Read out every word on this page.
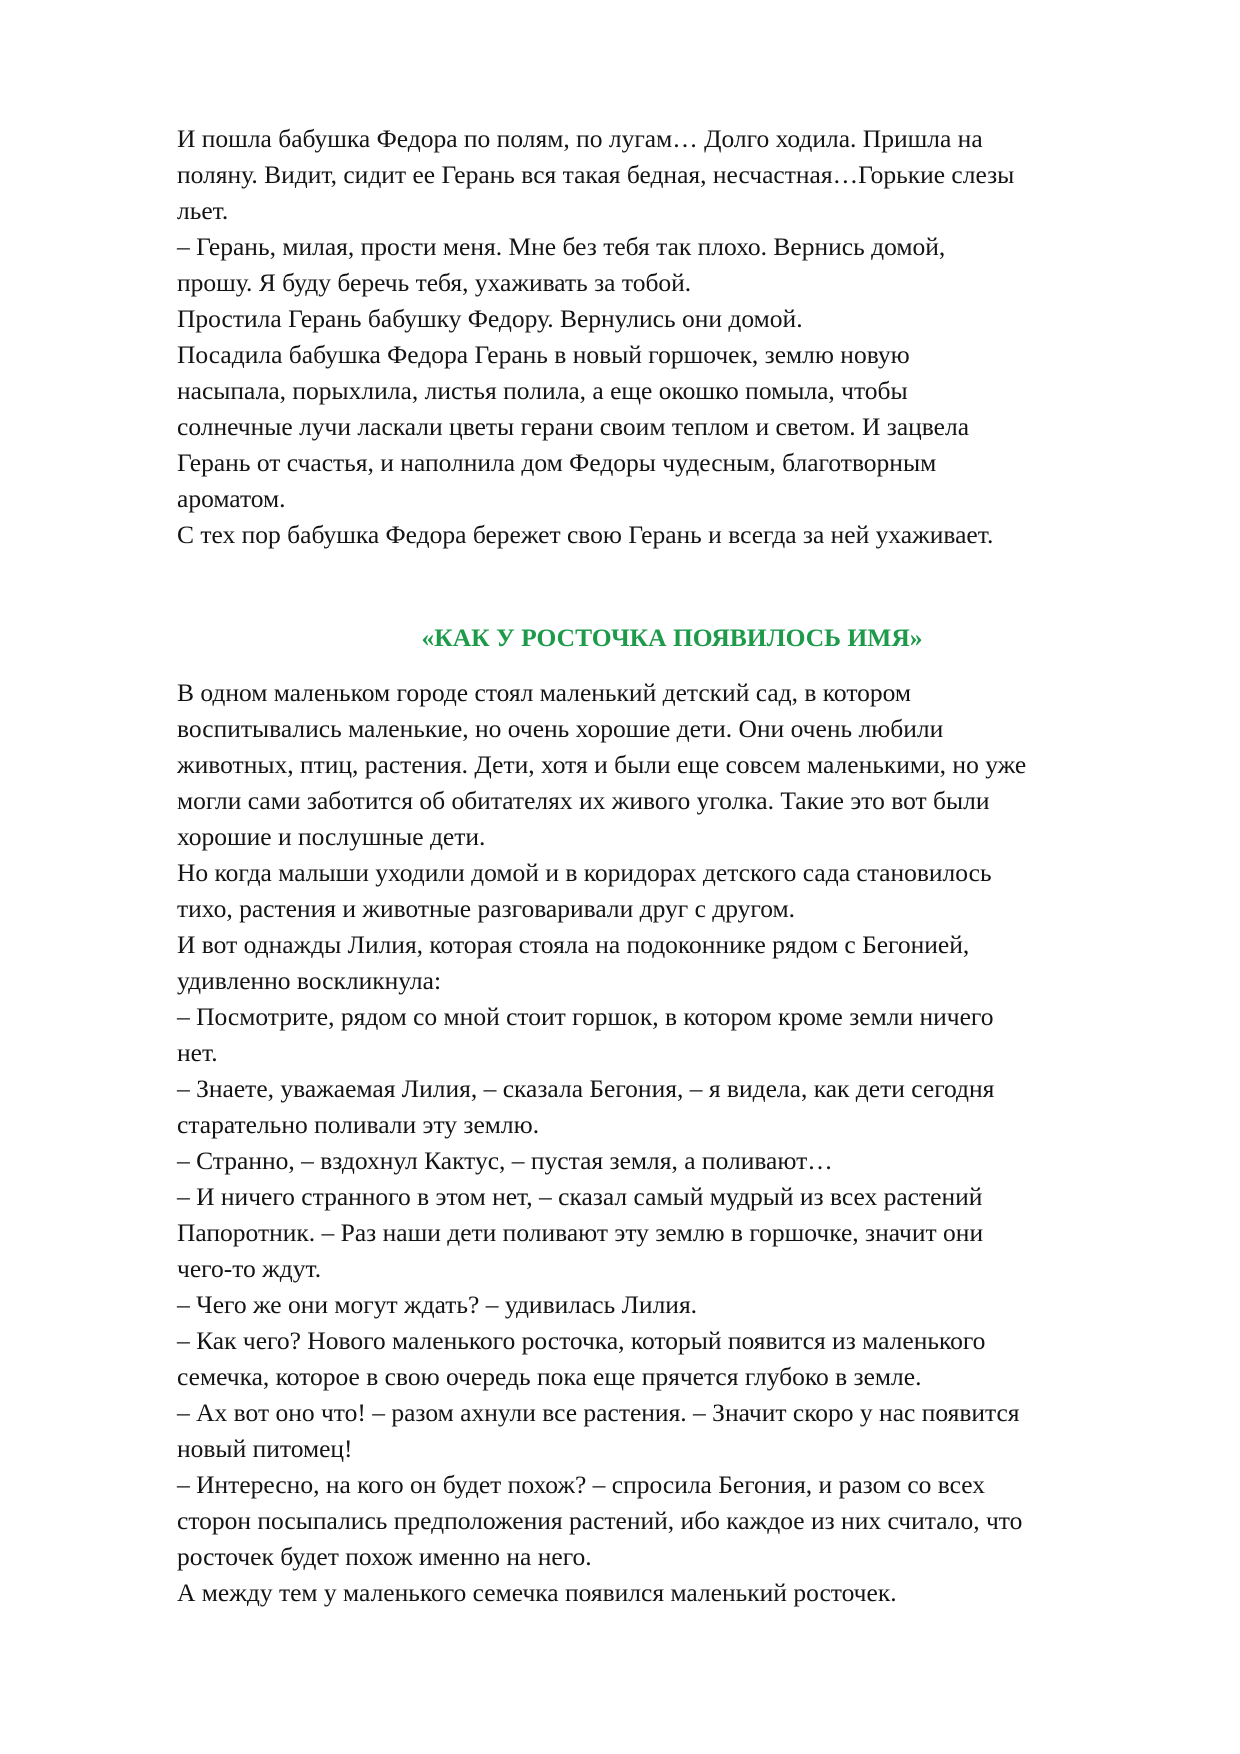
И пошла бабушка Федора по полям, по лугам… Долго ходила. Пришла на
поляну. Видит, сидит ее Герань вся такая бедная, несчастная…Горькие слезы
льет.

– Герань, милая, прости меня. Мне без тебя так плохо. Вернись домой,
прошу. Я буду беречь тебя, ухаживать за тобой.

Простила Герань бабушку Федору. Вернулись они домой.

Посадила бабушка Федора Герань в новый горшочек, землю новую
насыпала, порыхлила, листья полила, а еще окошко помыла, чтобы
солнечные лучи ласкали цветы герани своим теплом и светом. И зацвела
Герань от счастья, и наполнила дом Федоры чудесным, благотворным
ароматом.

С тех пор бабушка Федора бережет свою Герань и всегда за ней ухаживает.

«КАК У РОСТОЧКА ПОЯВИЛОСЬ ИМЯ»

В одном маленьком городе стоял маленький детский сад, в котором
воспитывались маленькие, но очень хорошие дети. Они очень любили
животных, птиц, растения. Дети, хотя и были еще совсем маленькими, но уже
могли сами заботится об обитателях их живого уголка. Такие это вот были
хорошие и послушные дети.

Но когда малыши уходили домой и в коридорах детского сада становилось
тихо, растения и животные разговаривали друг с другом.

И вот однажды Лилия, которая стояла на подоконнике рядом с Бегонией,
удивленно воскликнула:

– Посмотрите, рядом со мной стоит горшок, в котором кроме земли ничего
нет.

– Знаете, уважаемая Лилия, – сказала Бегония, – я видела, как дети сегодня
старательно поливали эту землю.

– Странно, – вздохнул Кактус, – пустая земля, а поливают…

– И ничего странного в этом нет, – сказал самый мудрый из всех растений
Папоротник. – Раз наши дети поливают эту землю в горшочке, значит они
чего-то ждут.

– Чего же они могут ждать? – удивилась Лилия.

– Как чего? Нового маленького росточка, который появится из маленького
семечка, которое в свою очередь пока еще прячется глубоко в земле.

– Ах вот оно что! – разом ахнули все растения. – Значит скоро у нас появится
новый питомец!

– Интересно, на кого он будет похож? – спросила Бегония, и разом со всех
сторон посыпались предположения растений, ибо каждое из них считало, что
росточек будет похож именно на него.

А между тем у маленького семечка появился маленький росточек.
